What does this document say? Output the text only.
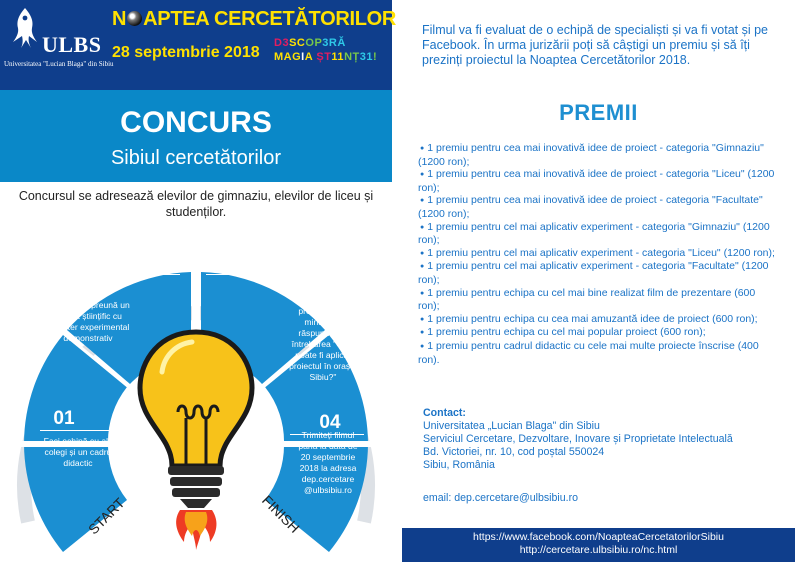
ULBS
Universitatea "Lucian Blaga" din Sibiu
N APTEA CERCETĂTORILOR
28 septembrie 2018
D3SCOP3RĂ
MAGIA ȘT11NȚ31!
CONCURS
Sibiul cercetătorilor
Concursul se adresează elevilor de gimnaziu, elevilor de liceu și studenților.
02
Realizați împreună un proiect științific cu caracter experimental demonstrativ
03
Faceți un film de prezentare a proiectului (3 minute) și răspundeți la întrebarea "Cum poate fi aplicat proiectul în orașul Sibiu?"
01
Faci echipă cu alți colegi și un cadru didactic
04
Trimiteți filmul până la data de 20 septembrie 2018 la adresa dep.cercetare @ulbsibiu.ro
START	FINISH
Filmul va fi evaluat de o echipă de specialiști și va fi votat și pe Facebook. În urma jurizării poți să câștigi un premiu și să îți prezinți proiectul la Noaptea Cercetătorilor 2018.
PREMII
● 1 premiu pentru cea mai inovativă idee de proiect - categoria "Gimnaziu" (1200 ron);
● 1 premiu pentru cea mai inovativă idee de proiect - categoria "Liceu" (1200 ron);
● 1 premiu pentru cea mai inovativă idee de proiect - categoria "Facultate" (1200 ron);
● 1 premiu pentru cel mai aplicativ experiment - categoria "Gimnaziu" (1200 ron);
● 1 premiu pentru cel mai aplicativ experiment - categoria "Liceu" (1200 ron);
● 1 premiu pentru cel mai aplicativ experiment - categoria "Facultate" (1200 ron);
● 1 premiu pentru echipa cu cel mai bine realizat film de prezentare (600 ron);
● 1 premiu pentru echipa cu cea mai amuzantă idee de proiect (600 ron);
● 1 premiu pentru echipa cu cel mai popular proiect (600 ron);
● 1 premiu pentru cadrul didactic cu cele mai multe proiecte înscrise (400 ron).
Contact:
Universitatea „Lucian Blaga" din Sibiu
Serviciul Cercetare, Dezvoltare, Inovare și Proprietate Intelectuală
Bd. Victoriei, nr. 10, cod poștal 550024
Sibiu, România
email: dep.cercetare@ulbsibiu.ro
https://www.facebook.com/NoapteaCercetatorilorSibiu
http://cercetare.ulbsibiu.ro/nc.html
